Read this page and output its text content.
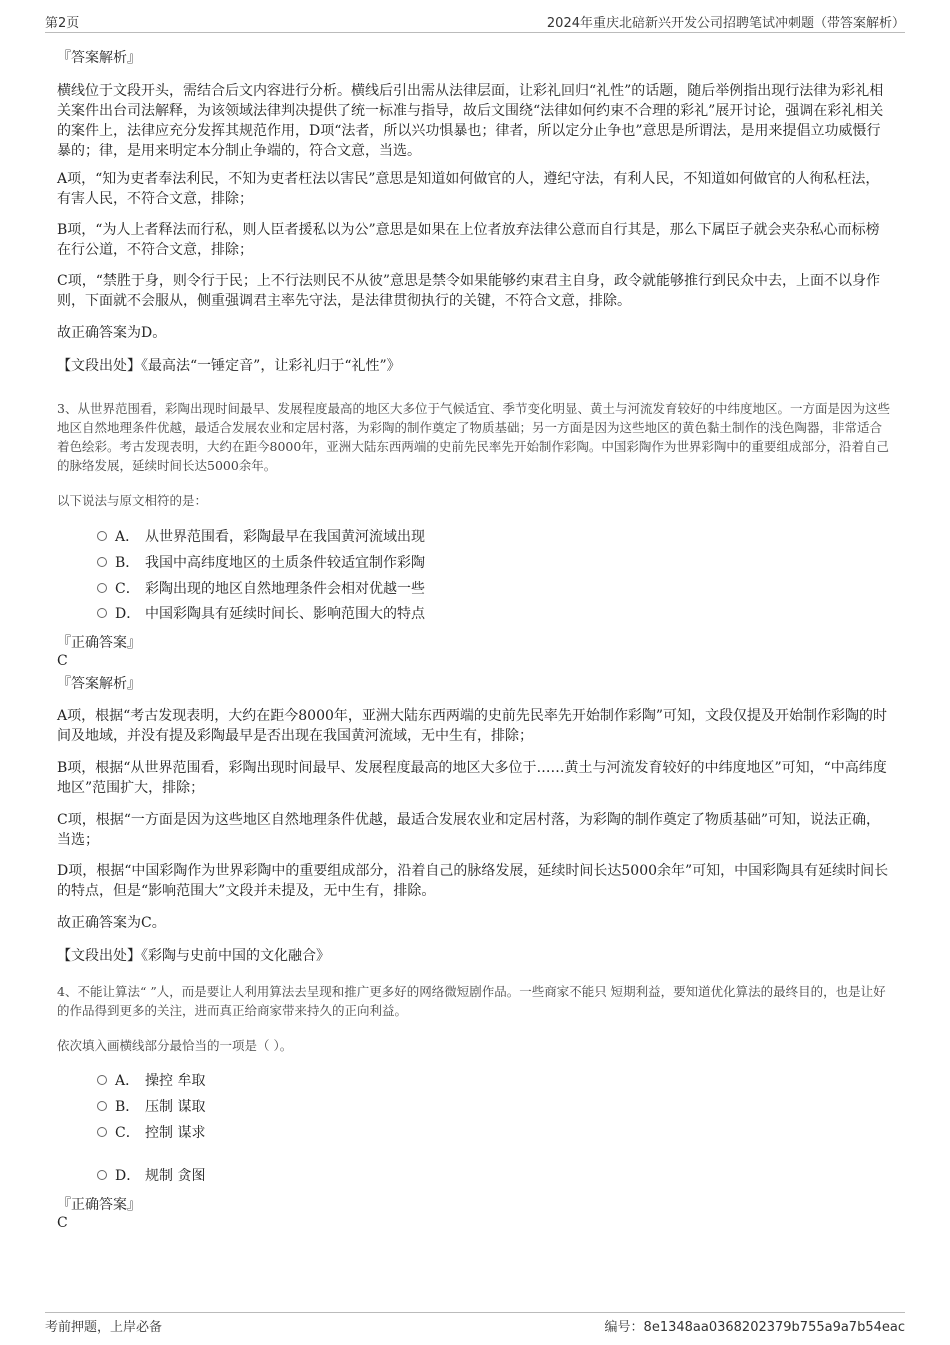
第2页	2024年重庆北碚新兴开发公司招聘笔试冲刺题（带答案解析）
『答案解析』

横线位于文段开头，需结合后文内容进行分析。横线后引出需从法律层面，让彩礼回归“礼性”的话题，随后举例指出现行法律为彩礼相关案件出台司法解释，为该领域法律判决提供了统一标准与指导，故后文围绕“法律如何约束不合理的彩礼”展开讨论，强调在彩礼相关的案件上，法律应充分发挥其规范作用，D项“法者，所以兴功惧暴也；律者，所以定分止争也”意思是所谓法，是用来提倡立功威慑行暴的；律，是用来明定本分制止争端的，符合文意，当选。

A项，“知为吏者奉法利民，不知为吏者枉法以害民”意思是知道如何做官的人，遵纪守法，有利人民，不知道如何做官的人徇私枉法，有害人民，不符合文意，排除；

B项，“为人上者释法而行私，则人臣者援私以为公”意思是如果在上位者放弃法律公意而自行其是，那么下属臣子就会夹杂私心而标榜在行公道，不符合文意，排除；

C项，“禁胜于身，则令行于民；上不行法则民不从彼”意思是禁令如果能够约束君主自身，政令就能够推行到民众中去，上面不以身作则，下面就不会服从，侧重强调君主率先守法，是法律贯彻执行的关键，不符合文意，排除。

故正确答案为D。

【文段出处】《最高法“一锤定音”，让彩礼归于“礼性”》

3、从世界范围看，彩陶出现时间最早、发展程度最高的地区大多位于气候适宜、季节变化明显、黄土与河流发育较好的中纬度地区。一方面是因为这些地区自然地理条件优越，最适合发展农业和定居村落，为彩陶的制作奠定了物质基础；另一方面是因为这些地区的黄色黏土制作的浅色陶器，非常适合着色绘彩。考古发现表明，大约在距今8000年，亚洲大陆东西两端的史前先民率先开始制作彩陶。中国彩陶作为世界彩陶中的重要组成部分，沿着自己的脉络发展，延续时间长达5000余年。

以下说法与原文相符的是：

A． 从世界范围看，彩陶最早在我国黄河流域出现
B． 我国中高纬度地区的土质条件较适宜制作彩陶
C． 彩陶出现的地区自然地理条件会相对优越一些
D． 中国彩陶具有延续时间长、影响范围大的特点
『正确答案』
C
『答案解析』

A项，根据“考古发现表明，大约在距今8000年，亚洲大陆东西两端的史前先民率先开始制作彩陶”可知，文段仅提及开始制作彩陶的时间及地域，并没有提及彩陶最早是否出现在我国黄河流域，无中生有，排除；

B项，根据“从世界范围看，彩陶出现时间最早、发展程度最高的地区大多位于……黄土与河流发育较好的中纬度地区”可知，“中高纬度地区”范围扩大，排除；

C项，根据“一方面是因为这些地区自然地理条件优越，最适合发展农业和定居村落，为彩陶的制作奠定了物质基础”可知，说法正确，当选；

D项，根据“中国彩陶作为世界彩陶中的重要组成部分，沿着自己的脉络发展，延续时间长达5000余年”可知，中国彩陶具有延续时间长的特点，但是“影响范围大”文段并未提及，无中生有，排除。

故正确答案为C。

【文段出处】《彩陶与史前中国的文化融合》

4、不能让算法“ ”人，而是要让人利用算法去呈现和推广更多好的网络微短剧作品。一些商家不能只 短期利益，要知道优化算法的最终目的，也是让好的作品得到更多的关注，进而真正给商家带来持久的正向利益。

依次填入画横线部分最恰当的一项是（ ）。

A． 操控 牟取
B． 压制 谋取
C． 控制 谋求
D． 规制 贪图
『正确答案』
C
考前押题，上岸必备	编号：8e1348aa0368202379b755a9a7b54eac
